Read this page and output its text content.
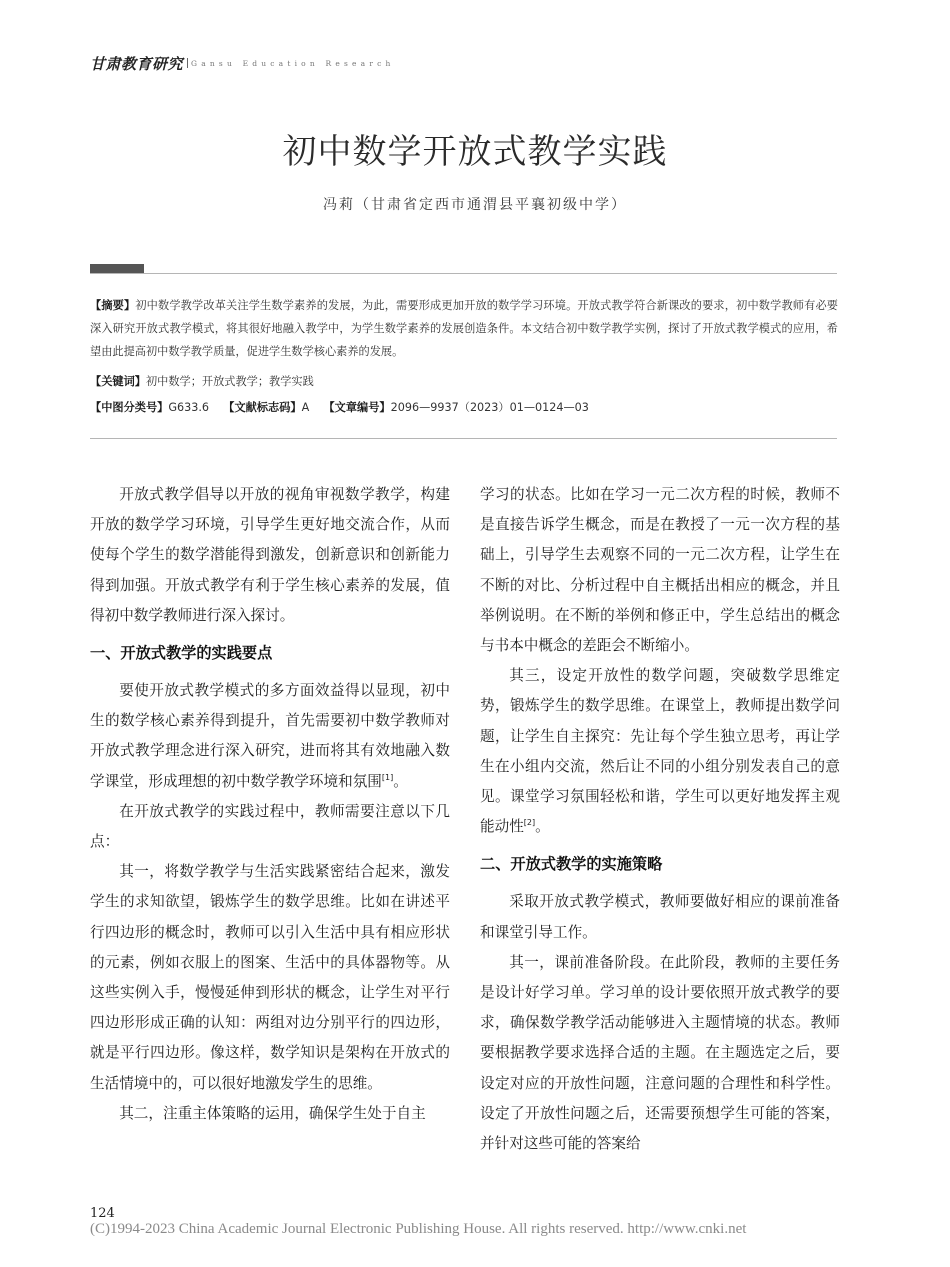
甘肃教育研究 Gansu Education Research
初中数学开放式教学实践
冯莉（甘肃省定西市通渭县平襄初级中学）
【摘要】初中数学教学改革关注学生数学素养的发展，为此，需要形成更加开放的数学学习环境。开放式教学符合新课改的要求，初中数学教师有必要深入研究开放式教学模式，将其很好地融入教学中，为学生数学素养的发展创造条件。本文结合初中数学教学实例，探讨了开放式教学模式的应用，希望由此提高初中数学教学质量，促进学生数学核心素养的发展。
【关键词】初中数学；开放式教学；教学实践
【中图分类号】G633.6 【文献标志码】A 【文章编号】2096—9937（2023）01—0124—03

开放式教学倡导以开放的视角审视数学教学，构建开放的数学学习环境，引导学生更好地交流合作，从而使每个学生的数学潜能得到激发，创新意识和创新能力得到加强。开放式教学有利于学生核心素养的发展，值得初中数学教师进行深入探讨。

一、开放式教学的实践要点

要使开放式教学模式的多方面效益得以显现，初中生的数学核心素养得到提升，首先需要初中数学教师对开放式教学理念进行深入研究，进而将其有效地融入数学课堂，形成理想的初中数学教学环境和氛围[1]。

在开放式教学的实践过程中，教师需要注意以下几点：

其一，将数学教学与生活实践紧密结合起来，激发学生的求知欲望，锻炼学生的数学思维。比如在讲述平行四边形的概念时，教师可以引入生活中具有相应形状的元素，例如衣服上的图案、生活中的具体器物等。从这些实例入手，慢慢延伸到形状的概念，让学生对平行四边形形成正确的认知：两组对边分别平行的四边形，就是平行四边形。像这样，数学知识是架构在开放式的生活情境中的，可以很好地激发学生的思维。

其二，注重主体策略的运用，确保学生处于自主

学习的状态。比如在学习一元二次方程的时候，教师不是直接告诉学生概念，而是在教授了一元一次方程的基础上，引导学生去观察不同的一元二次方程，让学生在不断的对比、分析过程中自主概括出相应的概念，并且举例说明。在不断的举例和修正中，学生总结出的概念与书本中概念的差距会不断缩小。

其三，设定开放性的数学问题，突破数学思维定势，锻炼学生的数学思维。在课堂上，教师提出数学问题，让学生自主探究：先让每个学生独立思考，再让学生在小组内交流，然后让不同的小组分别发表自己的意见。课堂学习氛围轻松和谐，学生可以更好地发挥主观能动性[2]。

二、开放式教学的实施策略

采取开放式教学模式，教师要做好相应的课前准备和课堂引导工作。

其一，课前准备阶段。在此阶段，教师的主要任务是设计好学习单。学习单的设计要依照开放式教学的要求，确保数学教学活动能够进入主题情境的状态。教师要根据教学要求选择合适的主题。在主题选定之后，要设定对应的开放性问题，注意问题的合理性和科学性。设定了开放性问题之后，还需要预想学生可能的答案，并针对这些可能的答案给

124
(C)1994-2023 China Academic Journal Electronic Publishing House. All rights reserved. http://www.cnki.net
